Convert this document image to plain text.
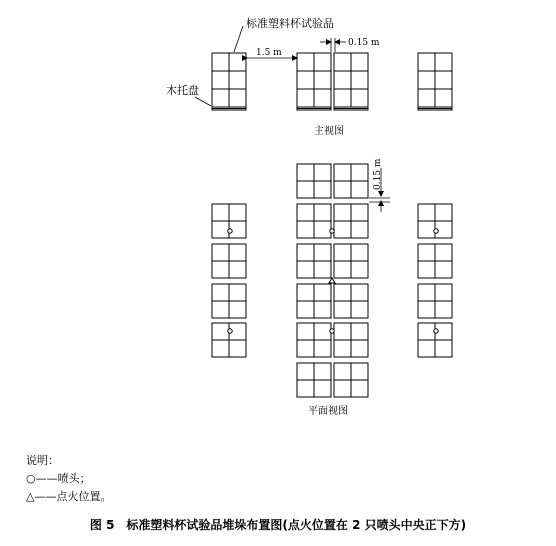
标准塑料杯试验品
木托盘
1.5 m
0.15 m
主视图
0.15 m
平面视图
说明：
○——喷头；
△——点火位置。
图 5　标准塑料杯试验品堆垛布置图(点火位置在 2 只喷头中央正下方)
